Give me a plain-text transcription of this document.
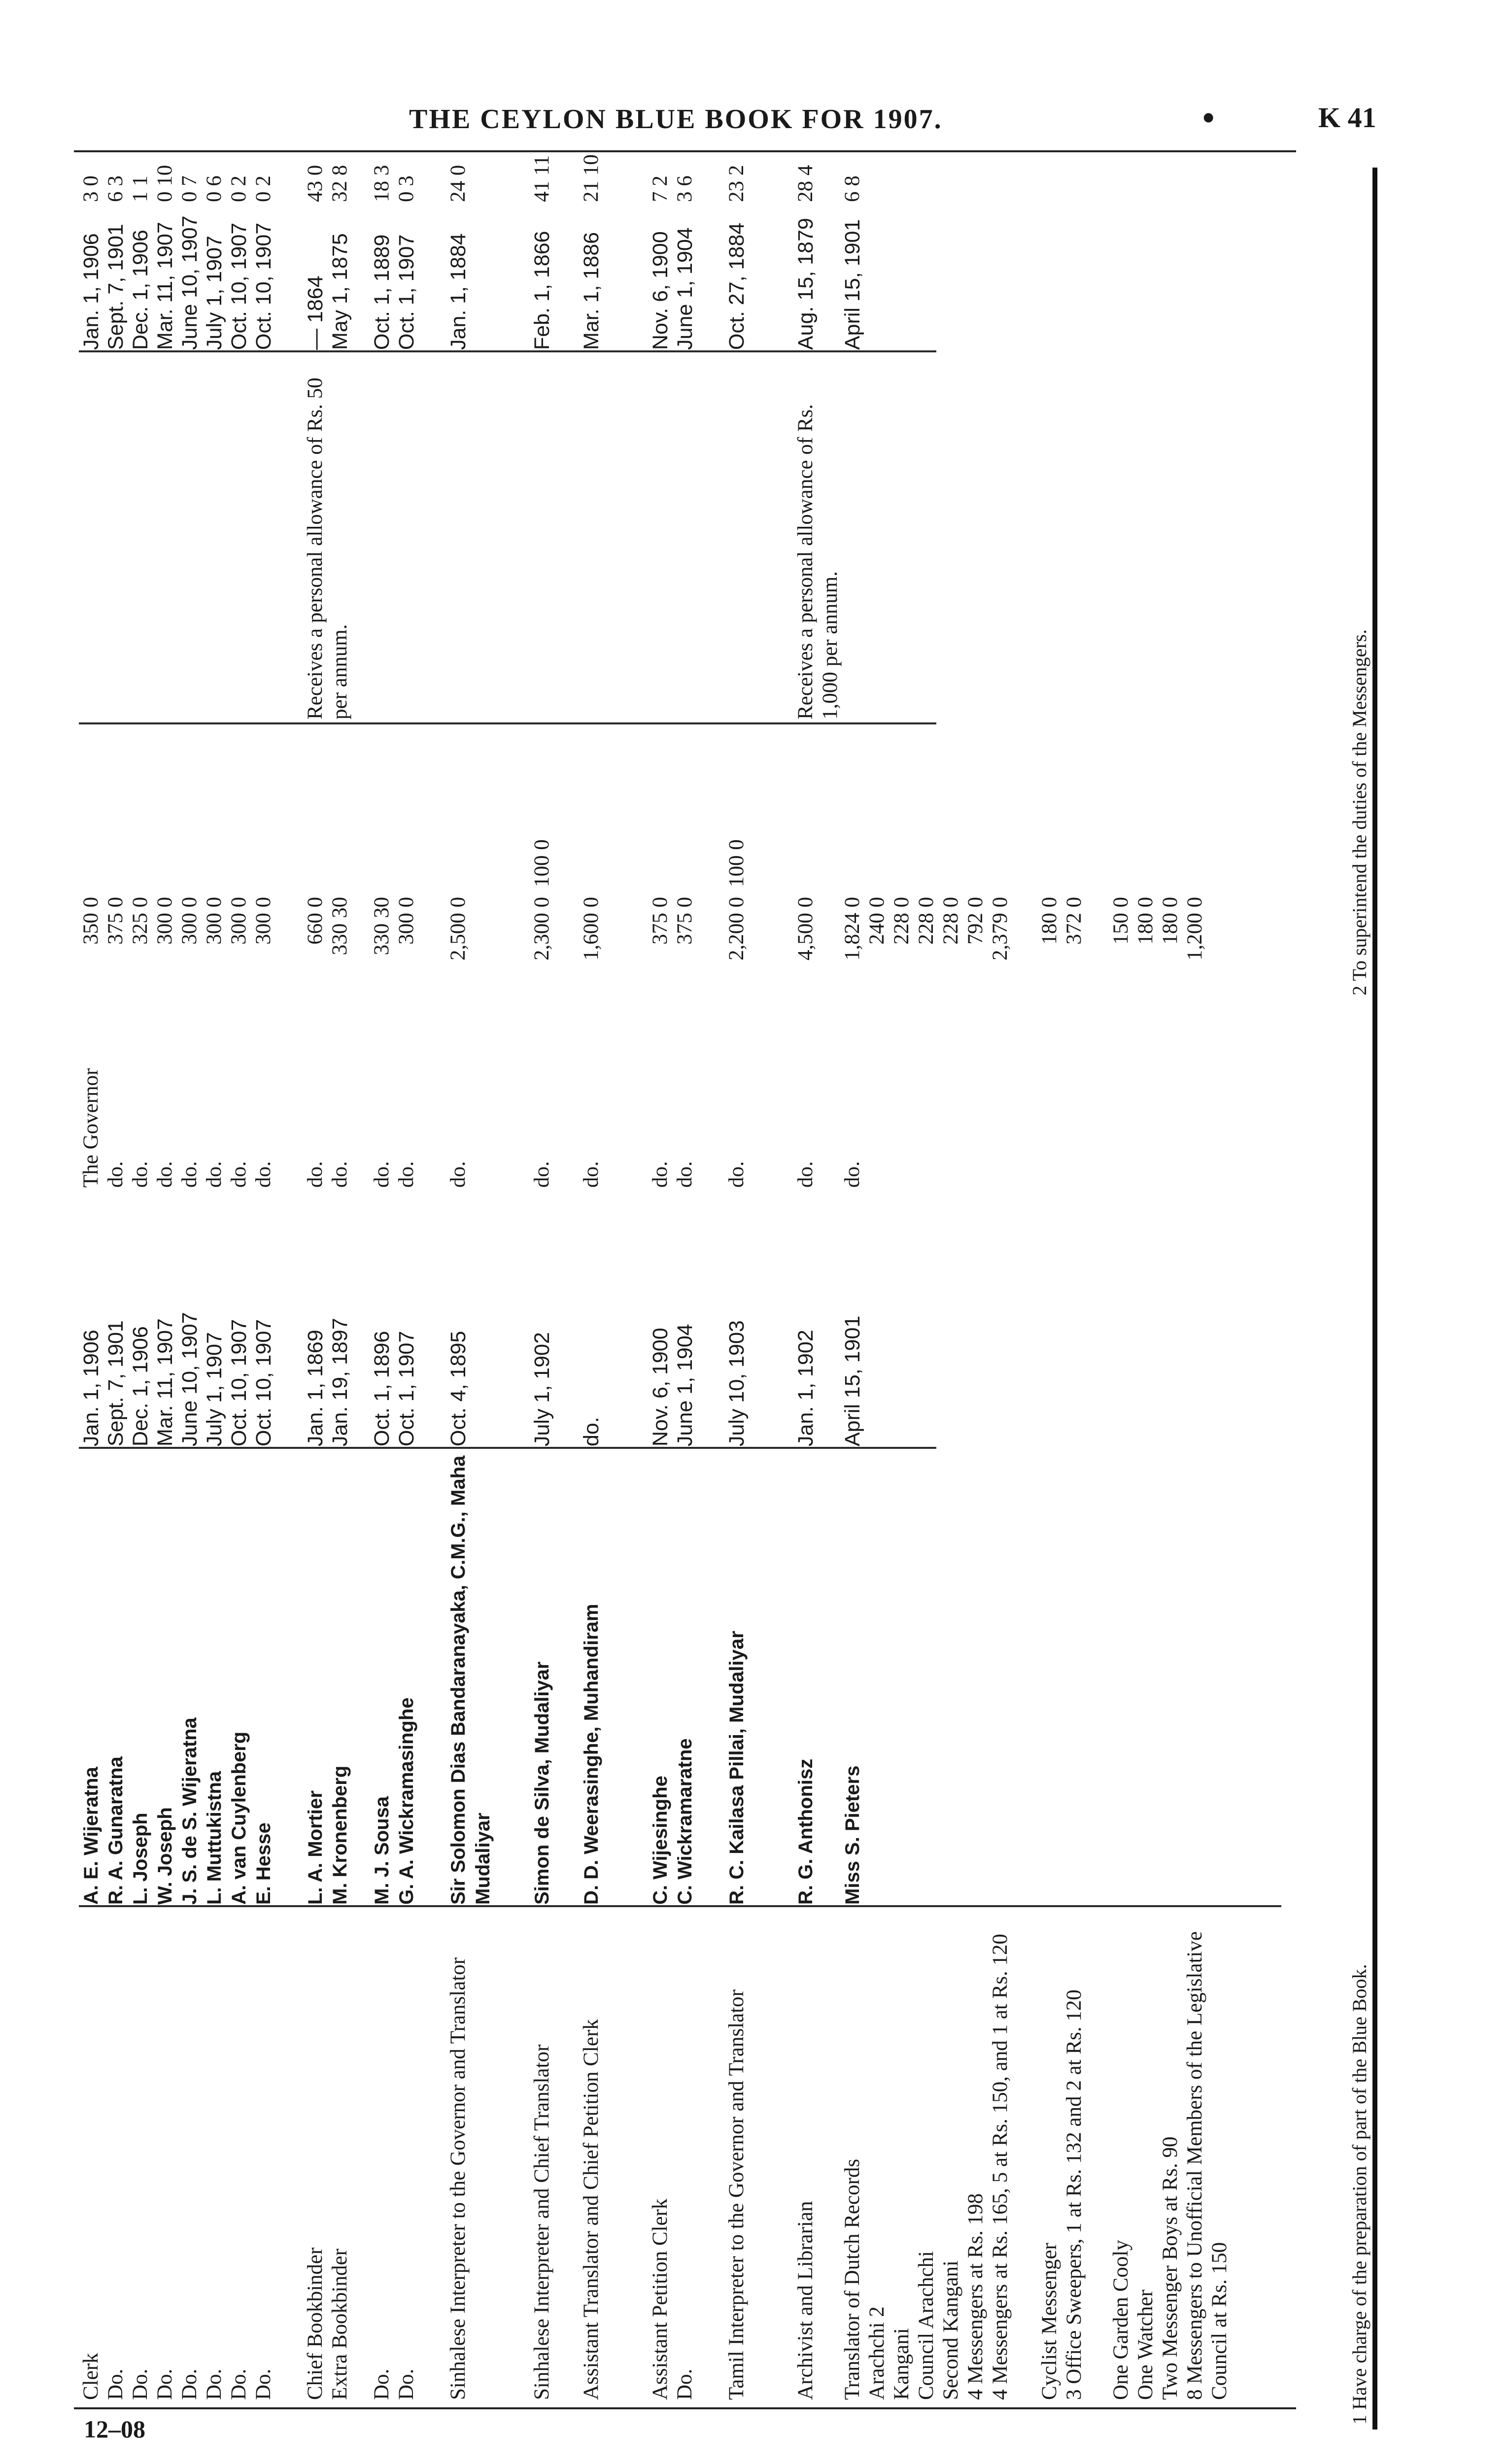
THE CEYLON BLUE BOOK FOR 1907.	•	K 41
12–08
Clerk
A. E. Wijeratna
Jan. 1, 1906
The Governor
350 0
Jan. 1, 1906
3 0
Do.
R. A. Gunaratna
Sept. 7, 1901
do.
375 0
Sept. 7, 1901
6 3
Do.
L. Joseph
Dec. 1, 1906
do.
325 0
Dec. 1, 1906
1 1
Do.
W. Joseph
Mar. 11, 1907
do.
300 0
Mar. 11, 1907
0 10
Do.
J. S. de S. Wijeratna
June 10, 1907
do.
300 0
June 10, 1907
0 7
Do.
L. Muttukistna
July 1, 1907
do.
300 0
July 1, 1907
0 6
Do.
A. van Cuylenberg
Oct. 10, 1907
do.
300 0
Oct. 10, 1907
0 2
Do.
E. Hesse
Oct. 10, 1907
do.
300 0
Oct. 10, 1907
0 2
Chief Bookbinder
L. A. Mortier
Jan. 1, 1869
do.
660 0
Receives a personal allowance of Rs. 50 per annum.
— 1864
43 0
Extra Bookbinder
M. Kronenberg
Jan. 19, 1897
do.
330 30
May 1, 1875
32 8
Do.
M. J. Sousa
Oct. 1, 1896
do.
330 30
Oct. 1, 1889
18 3
Do.
G. A. Wickramasinghe
Oct. 1, 1907
do.
300 0
Oct. 1, 1907
0 3
Sinhalese Interpreter to the Governor and Translator
Sir Solomon Dias Bandaranayaka, C.M.G., Maha Mudaliyar
Oct. 4, 1895
do.
2,500 0
Jan. 1, 1884
24 0
Sinhalese Interpreter and Chief Translator
Simon de Silva, Mudaliyar
July 1, 1902
do.
2,300 0
100 0
Feb. 1, 1866
41 11
Assistant Translator and Chief Petition Clerk
D. D. Weerasinghe, Muhandiram
do.
do.
1,600 0
Mar. 1, 1886
21 10
Assistant Petition Clerk
C. Wijesinghe
Nov. 6, 1900
do.
375 0
Nov. 6, 1900
7 2
Do.
C. Wickramaratne
June 1, 1904
do.
375 0
June 1, 1904
3 6
Tamil Interpreter to the Governor and Translator
R. C. Kailasa Pillai, Mudaliyar
July 10, 1903
do.
2,200 0
100 0
Oct. 27, 1884
23 2
Archivist and Librarian
R. G. Anthonisz
Jan. 1, 1902
do.
4,500 0
Receives a personal allowance of Rs. 1,000 per annum.
Aug. 15, 1879
28 4
Translator of Dutch Records
Miss S. Pieters
April 15, 1901
do.
1,824 0
April 15, 1901
6 8
Arachchi 2
240 0
Kangani
228 0
Council Arachchi
228 0
Second Kangani
228 0
4 Messengers at Rs. 198
792 0
4 Messengers at Rs. 165, 5 at Rs. 150, and 1 at Rs. 120
2,379 0
Cyclist Messenger
180 0
3 Office Sweepers, 1 at Rs. 132 and 2 at Rs. 120
372 0
One Garden Cooly
150 0
One Watcher
180 0
Two Messenger Boys at Rs. 90
180 0
8 Messengers to Unofficial Members of the Legislative Council at Rs. 150
1,200 0
1 Have charge of the preparation of part of the Blue Book.
2 To superintend the duties of the Messengers.
